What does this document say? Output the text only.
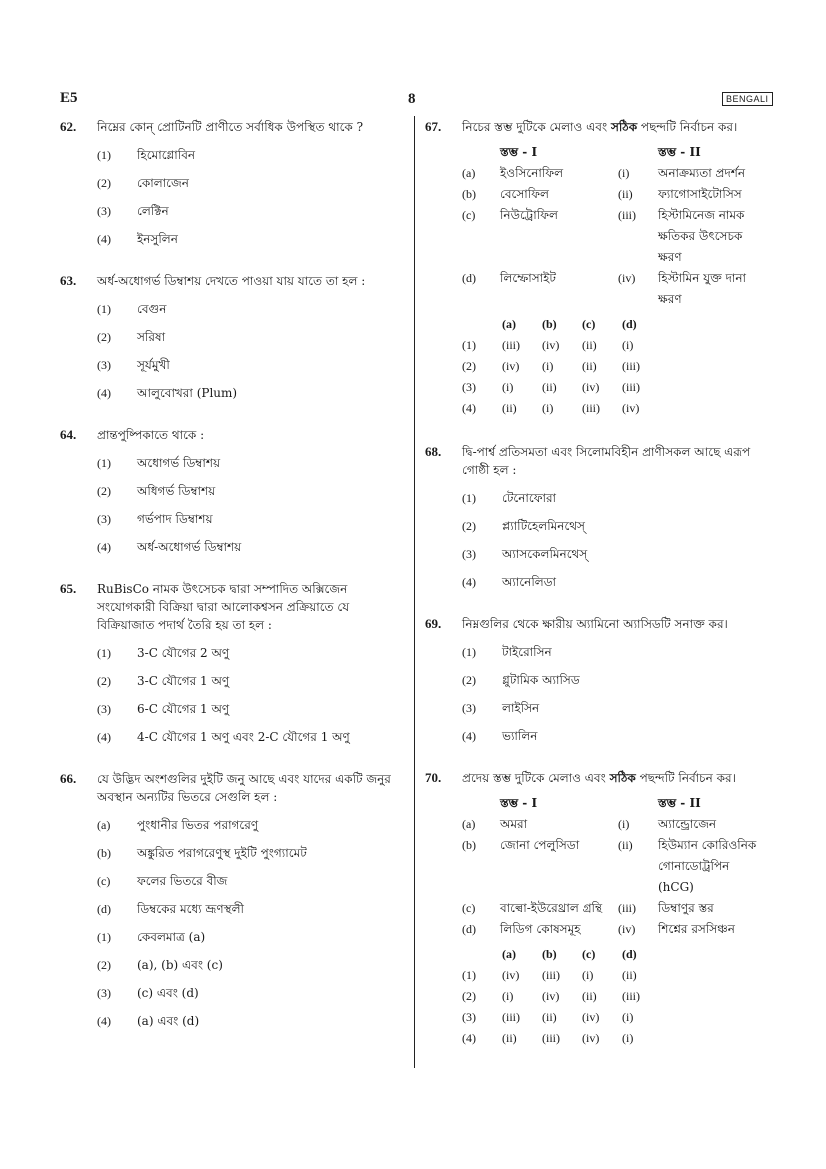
E5	8	BENGALI
62. নিম্নের কোন্ প্রোটিনটি প্রাণীতে সর্বাধিক উপস্থিত থাকে ?
(1)	হিমোগ্লোবিন
(2)	কোলাজেন
(3)	লেক্টিন
(4)	ইনসুলিন
63. অর্ধ-অধোগর্ভ ডিম্বাশয় দেখতে পাওয়া যায় যাতে তা হল :
(1)	বেগুন
(2)	সরিষা
(3)	সূর্যমুখী
(4)	আলুবোখরা (Plum)
64. প্রান্তপুষ্পিকাতে থাকে :
(1)	অধোগর্ভ ডিম্বাশয়
(2)	অধিগর্ভ ডিম্বাশয়
(3)	গর্ভপাদ ডিম্বাশয়
(4)	অর্ধ-অধোগর্ভ ডিম্বাশয়
65. RuBisCo নামক উৎসেচক দ্বারা সম্পাদিত অক্সিজেন সংযোগকারী বিক্রিয়া দ্বারা আলোকশ্বসন প্রক্রিয়াতে যে বিক্রিয়াজাত পদার্থ তৈরি হয় তা হল :
(1)	3-C যৌগের 2 অণু
(2)	3-C যৌগের 1 অণু
(3)	6-C যৌগের 1 অণু
(4)	4-C যৌগের 1 অণু এবং 2-C যৌগের 1 অণু
66. যে উদ্ভিদ অংশগুলির দুইটি জনু আছে এবং যাদের একটি জনুর অবস্থান অন্যটির ভিতরে সেগুলি হল :
(a)	পুংধানীর ভিতর পরাগরেণু
(b)	অঙ্কুরিত পরাগরেণুস্থ দুইটি পুংগ্যামেট
(c)	ফলের ভিতরে বীজ
(d)	ডিম্বকের মধ্যে ভ্রূণস্থলী
(1)	কেবলমাত্র (a)
(2)	(a), (b) এবং (c)
(3)	(c) এবং (d)
(4)	(a) এবং (d)
67. নিচের স্তম্ভ দুটিকে মেলাও এবং সঠিক পছন্দটি নির্বাচন কর।
স্তম্ভ - I	স্তম্ভ - II
(a)	ইওসিনোফিল	(i)	অনাক্রম্যতা প্রদর্শন
(b)	বেসোফিল	(ii)	ফ্যাগোসাইটোসিস
(c)	নিউট্রোফিল	(iii)	হিস্টামিনেজ নামক ক্ষতিকর উৎসেচক ক্ষরণ
(d)	লিম্ফোসাইট	(iv)	হিস্টামিন যুক্ত দানা ক্ষরণ
(a)	(b)	(c)	(d)
(1)	(iii)	(iv)	(ii)	(i)
(2)	(iv)	(i)	(ii)	(iii)
(3)	(i)	(ii)	(iv)	(iii)
(4)	(ii)	(i)	(iii)	(iv)
68. দ্বি-পার্শ্ব প্রতিসমতা এবং সিলোমবিহীন প্রাণীসকল আছে এরূপ গোষ্ঠী হল :
(1)	টেনোফোরা
(2)	প্ল্যাটিহেলমিনথেস্
(3)	অ্যাসকেলমিনথেস্
(4)	অ্যানেলিডা
69. নিম্নগুলির থেকে ক্ষারীয় অ্যামিনো অ্যাসিডটি সনাক্ত কর।
(1)	টাইরোসিন
(2)	গ্লুটামিক অ্যাসিড
(3)	লাইসিন
(4)	ভ্যালিন
70. প্রদেয় স্তম্ভ দুটিকে মেলাও এবং সঠিক পছন্দটি নির্বাচন কর।
স্তম্ভ - I	স্তম্ভ - II
(a)	অমরা	(i)	অ্যান্ড্রোজেন
(b)	জোনা পেলুসিডা	(ii)	হিউম্যান কোরিওনিক গোনাডোট্রপিন (hCG)
(c)	বাল্বো-ইউরেথ্রাল গ্রন্থি	(iii)	ডিম্বাণুর স্তর
(d)	লিডিগ কোষসমূহ	(iv)	শিশ্নের রসসিঞ্চন
(a)	(b)	(c)	(d)
(1)	(iv)	(iii)	(i)	(ii)
(2)	(i)	(iv)	(ii)	(iii)
(3)	(iii)	(ii)	(iv)	(i)
(4)	(ii)	(iii)	(iv)	(i)
